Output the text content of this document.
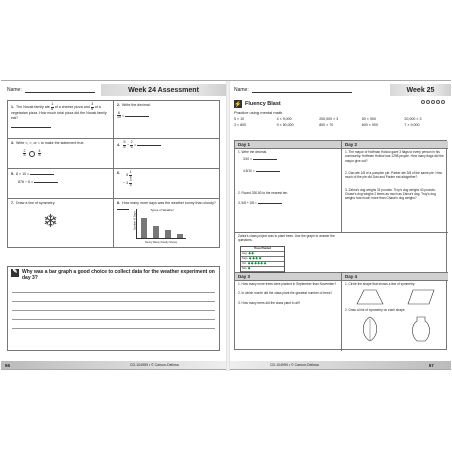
Name:	Week 24 Assessment
1. The Novak family ate $\frac{1}{6}$ of a cheese pizza and $\frac{3}{6}$ of a vegetarian pizza. How much total pizza did the Novak family eat?
2. Write the decimal.
$\frac{6}{10}$ =
3. Write <, >, or = to make the statement true.
$\frac{2}{5}$
	$\frac{4}{8}$
4. $\frac{5}{6} - \frac{2}{6}$ =
5. 8 × 10 =
876 ÷ 6 =
6. $5 \frac{1}{4}$

− $3 \frac{3}{4}$
7. Draw a line of symmetry.
❄
8. How many more days was the weather sunny than cloudy?
Number of Days
Types of Weather
Sunny Rainy Cloudy Snowy
✎ Why was a bar graph a good choice to collect data for the weather experiment on day 3?
56	CD-104959 • © Carson-Dellosa
Name:	Week 25
⚡ Fluency Blast
Practice using mental math.
5 × 10	4 × 9,000	200,000 × 3	50 × 900	20,000 × 3
3 × 800	9 × 50,000	800 × 70	600 × 900	7 × 9,000
Day 1
1. Write the decimal.
3/10 =
4 8/10 =
2. Round 330.80 to the nearest ten.
3. 5/8 + 2/8 =
Day 2
1. The mayor of Hoffman Hollow gave 3 flags to every person in his community. Hoffman Hollow has 1298 people. How many flags did the mayor give out?
2. Dan ate 1/8 of a pumpkin pie. Parker ate 3/8 of the same pie. How much of the pie did Dan and Parker eat altogether?
3. Zahra's dog weighs 31 pounds. Troy's dog weighs 40 pounds. Chase's dog weighs 2 times as much as Zahra's dog. Troy's dog weighs how much more than Chase's dog weighs?
Zahra's class project was to plant trees. Use the graph to answer the questions.
Trees Planted
Aug. 🌲🌲
Sept. 🌲🌲🌲🌲
Oct. 🌲🌲🌲🌲🌲🌲
Nov. 🌲
Day 3
1. How many more trees were planted in September than November?
2. In which month did the class plant the greatest number of trees?
3. How many trees did the class plant in all?
Day 4
1. Circle the shape that shows a line of symmetry.
2. Draw a line of symmetry on each shape.
CD-104959 • © Carson-Dellosa	57
